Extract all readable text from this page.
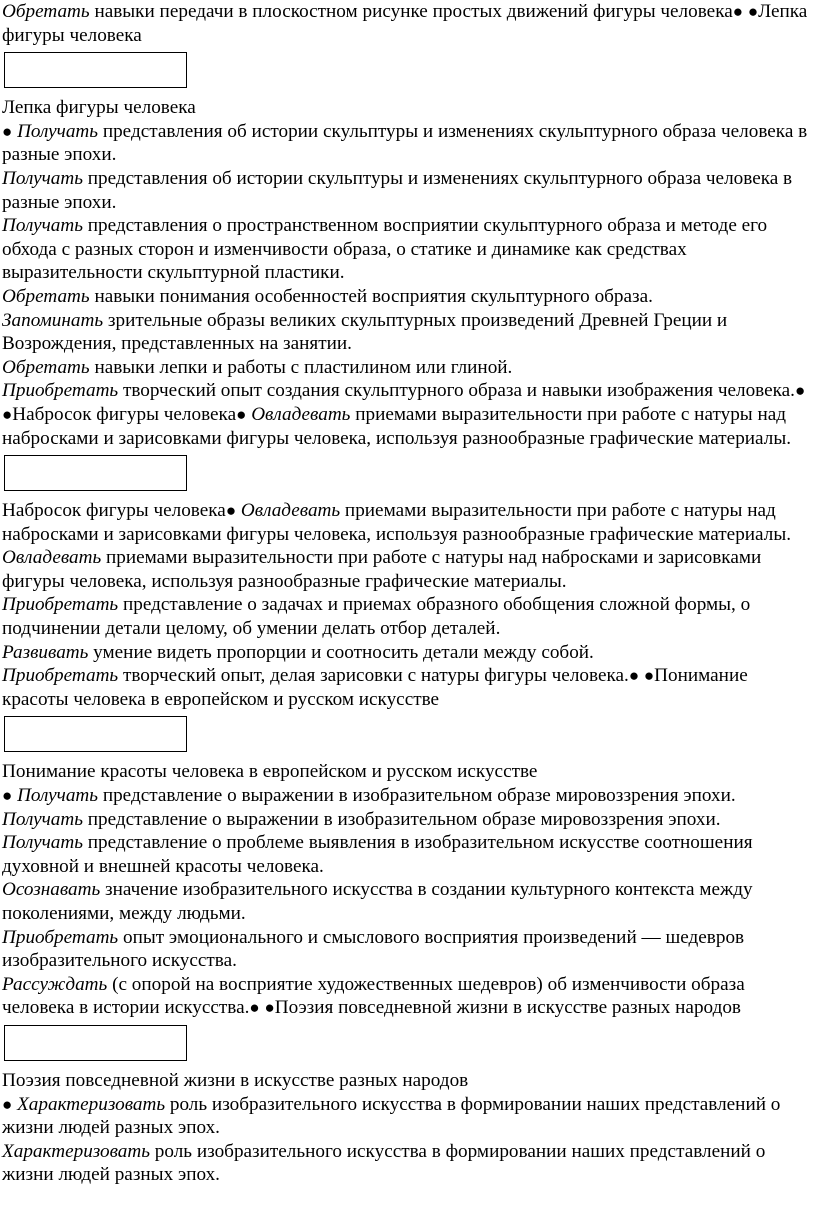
Обретать навыки передачи в плоскостном рисунке простых движений фигуры человека● ●Лепка фигуры человека

Лепка фигуры человека

● Получать представления об истории скульптуры и изменениях скульптурного образа человека в разные эпохи.

Получать представления об истории скульптуры и изменениях скульптурного образа человека в разные эпохи.

Получать представления о пространственном восприятии скульптурного образа и методе его обхода с разных сторон и изменчивости образа, о статике и динамике как средствах выразительности скульптурной пластики.

Обретать навыки понимания особенностей восприятия скульптурного образа.

Запоминать зрительные образы великих скульптурных произведений Древней Греции и Возрождения, представленных на занятии.

Обретать навыки лепки и работы с пластилином или глиной.

Приобретать творческий опыт создания скульптурного образа и навыки изображения человека.● ●Набросок фигуры человека● Овладевать приемами выразительности при работе с натуры над набросками и зарисовками фигуры человека, используя разнообразные графические материалы.

Набросок фигуры человека● Овладевать приемами выразительности при работе с натуры над набросками и зарисовками фигуры человека, используя разнообразные графические материалы.

Овладевать приемами выразительности при работе с натуры над набросками и зарисовками фигуры человека, используя разнообразные графические материалы.

Приобретать представление о задачах и приемах образного обобщения сложной формы, о подчинении детали целому, об умении делать отбор деталей.

Развивать умение видеть пропорции и соотносить детали между собой.

Приобретать творческий опыт, делая зарисовки с натуры фигуры человека.● ●Понимание красоты человека в европейском и русском искусстве

Понимание красоты человека в европейском и русском искусстве

● Получать представление о выражении в изобразительном образе мировоззрения эпохи.

Получать представление о выражении в изобразительном образе мировоззрения эпохи.

Получать представление о проблеме выявления в изобразительном искусстве соотношения духовной и внешней красоты человека.

Осознавать значение изобразительного искусства в создании культурного контекста между поколениями, между людьми.

Приобретать опыт эмоционального и смыслового восприятия произведений — шедевров изобразительного искусства.

Рассуждать (с опорой на восприятие художественных шедевров) об изменчивости образа человека в истории искусства.● ●Поэзия повседневной жизни в искусстве разных народов

Поэзия повседневной жизни в искусстве разных народов

● Характеризовать роль изобразительного искусства в формировании наших представлений о жизни людей разных эпох.

Характеризовать роль изобразительного искусства в формировании наших представлений о жизни людей разных эпох.
